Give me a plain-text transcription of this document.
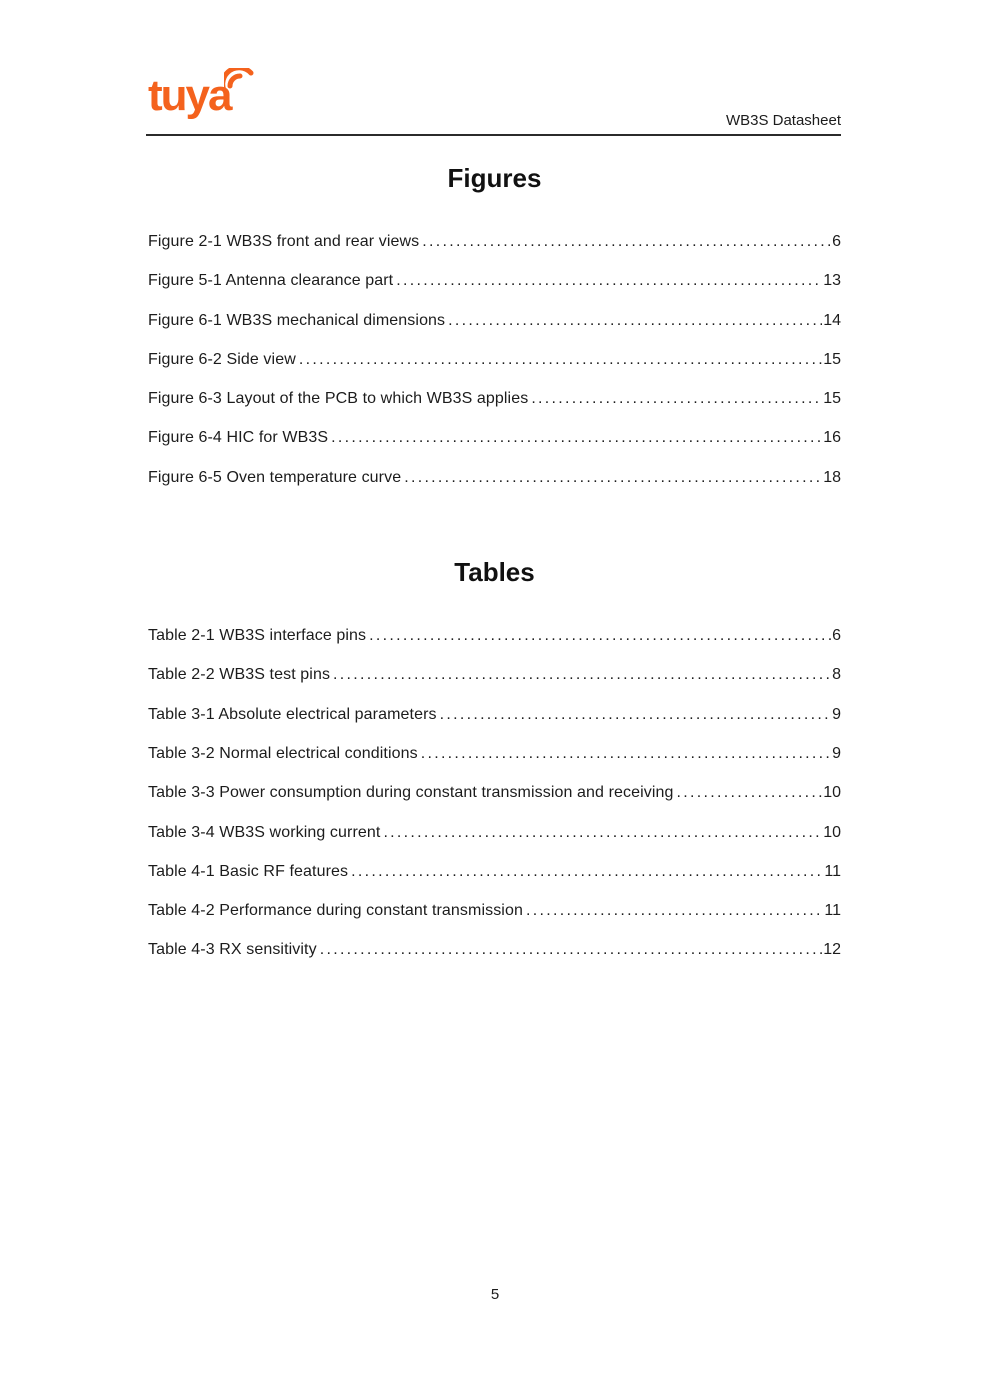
tuya
WB3S Datasheet
Figures
Figure 2-1 WB3S front and rear views .....	6
Figure 5-1 Antenna clearance part .....	13
Figure 6-1 WB3S mechanical dimensions .....	14
Figure 6-2 Side view .....	15
Figure 6-3 Layout of the PCB to which WB3S applies .....	15
Figure 6-4 HIC for WB3S .....	16
Figure 6-5 Oven temperature curve .....	18
Tables
Table 2-1 WB3S interface pins .....	6
Table 2-2 WB3S test pins .....	8
Table 3-1 Absolute electrical parameters .....	9
Table 3-2 Normal electrical conditions .....	9
Table 3-3 Power consumption during constant transmission and receiving .....	10
Table 3-4 WB3S working current .....	10
Table 4-1 Basic RF features .....	11
Table 4-2 Performance during constant transmission .....	11
Table 4-3 RX sensitivity .....	12
5
